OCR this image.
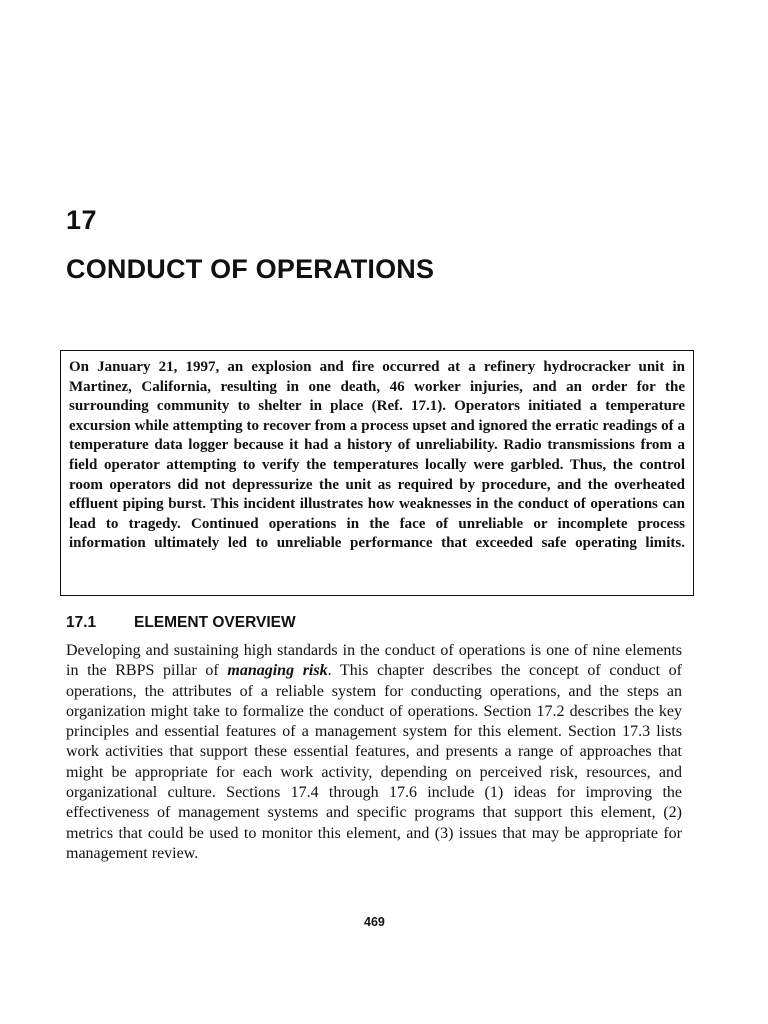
17
CONDUCT OF OPERATIONS

On January 21, 1997, an explosion and fire occurred at a refinery hydrocracker unit in Martinez, California, resulting in one death, 46 worker injuries, and an order for the surrounding community to shelter in place (Ref. 17.1). Operators initiated a temperature excursion while attempting to recover from a process upset and ignored the erratic readings of a temperature data logger because it had a history of unreliability. Radio transmissions from a field operator attempting to verify the temperatures locally were garbled. Thus, the control room operators did not depressurize the unit as required by procedure, and the overheated effluent piping burst. This incident illustrates how weaknesses in the conduct of operations can lead to tragedy. Continued operations in the face of unreliable or incomplete process information ultimately led to unreliable performance that exceeded safe operating limits.

17.1 ELEMENT OVERVIEW

Developing and sustaining high standards in the conduct of operations is one of nine elements in the RBPS pillar of managing risk. This chapter describes the concept of conduct of operations, the attributes of a reliable system for conducting operations, and the steps an organization might take to formalize the conduct of operations. Section 17.2 describes the key principles and essential features of a management system for this element. Section 17.3 lists work activities that support these essential features, and presents a range of approaches that might be appropriate for each work activity, depending on perceived risk, resources, and organizational culture. Sections 17.4 through 17.6 include (1) ideas for improving the effectiveness of management systems and specific programs that support this element, (2) metrics that could be used to monitor this element, and (3) issues that may be appropriate for management review.

469
